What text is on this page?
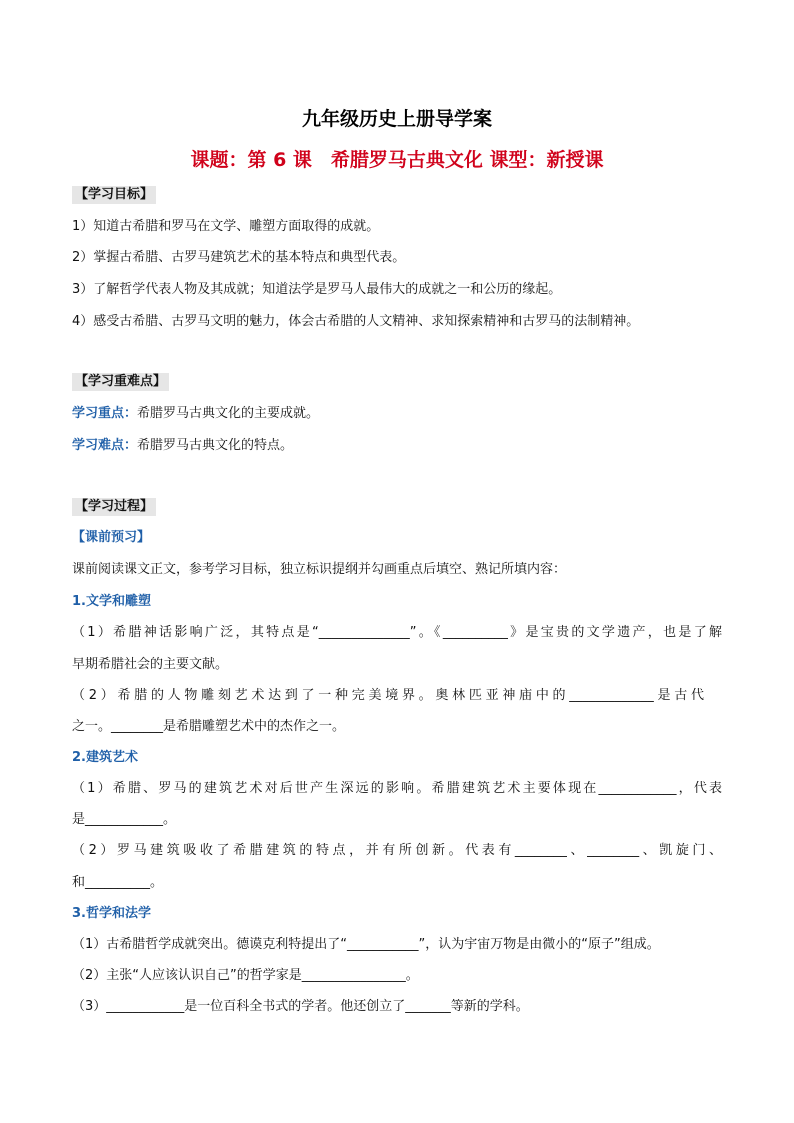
九年级历史上册导学案
课题：第 6 课　希腊罗马古典文化 课型：新授课
【学习目标】
1）知道古希腊和罗马在文学、雕塑方面取得的成就。
2）掌握古希腊、古罗马建筑艺术的基本特点和典型代表。
3）了解哲学代表人物及其成就；知道法学是罗马人最伟大的成就之一和公历的缘起。
4）感受古希腊、古罗马文明的魅力，体会古希腊的人文精神、求知探索精神和古罗马的法制精神。
【学习重难点】
学习重点：希腊罗马古典文化的主要成就。
学习难点：希腊罗马古典文化的特点。
【学习过程】
【课前预习】
课前阅读课文正文，参考学习目标，独立标识提纲并勾画重点后填空、熟记所填内容：
1.文学和雕塑
（1）希腊神话影响广泛，其特点是“______________”。《__________》是宝贵的文学遗产，也是了解
早期希腊社会的主要文献。
（2）希腊的人物雕刻艺术达到了一种完美境界。奥林匹亚神庙中的_____________是古代
之一。________是希腊雕塑艺术中的杰作之一。
2.建筑艺术
（1）希腊、罗马的建筑艺术对后世产生深远的影响。希腊建筑艺术主要体现在____________，代表
是____________。
（2）罗马建筑吸收了希腊建筑的特点，并有所创新。代表有________、________、凯旋门、
和__________。
3.哲学和法学
（1）古希腊哲学成就突出。德谟克利特提出了“___________”，认为宇宙万物是由微小的“原子”组成。
（2）主张“人应该认识自己”的哲学家是________________。
（3）____________是一位百科全书式的学者。他还创立了_______等新的学科。
